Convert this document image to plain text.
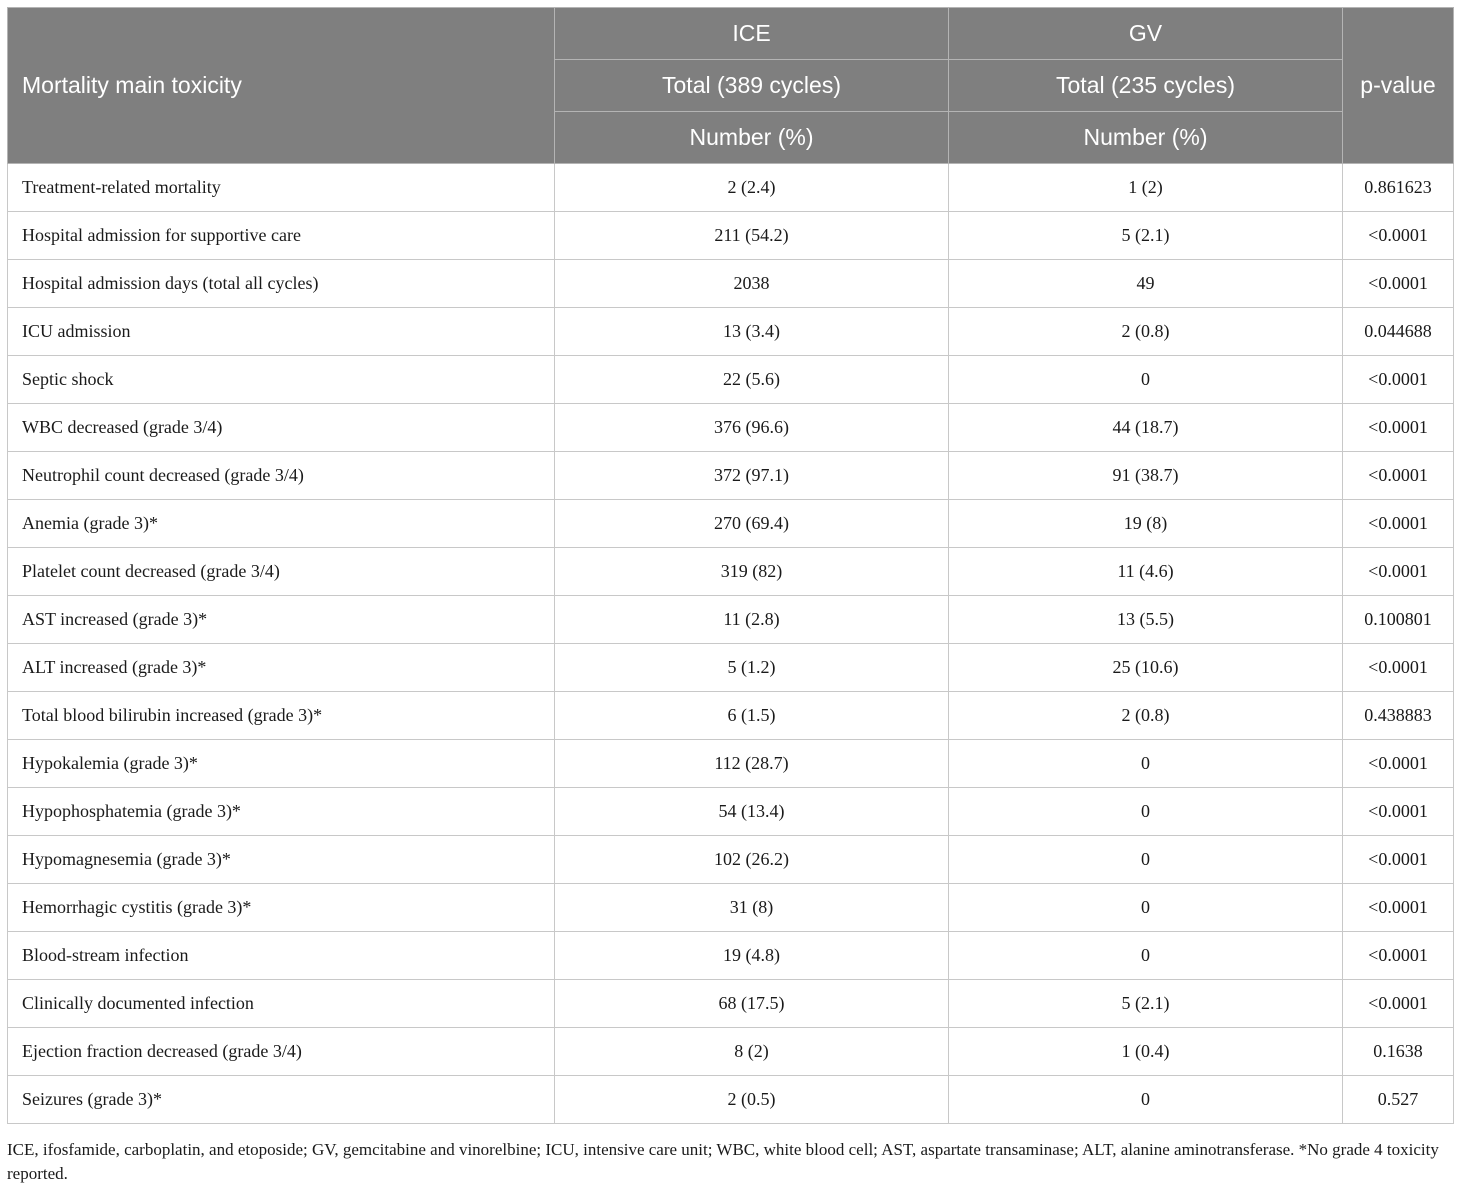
Mortality main toxicity	ICE	GV	p-value
	Total (389 cycles)	Total (235 cycles)	
	Number (%)	Number (%)	
Treatment-related mortality	2 (2.4)	1 (2)	0.861623
Hospital admission for supportive care	211 (54.2)	5 (2.1)	<0.0001
Hospital admission days (total all cycles)	2038	49	<0.0001
ICU admission	13 (3.4)	2 (0.8)	0.044688
Septic shock	22 (5.6)	0	<0.0001
WBC decreased (grade 3/4)	376 (96.6)	44 (18.7)	<0.0001
Neutrophil count decreased (grade 3/4)	372 (97.1)	91 (38.7)	<0.0001
Anemia (grade 3)*	270 (69.4)	19 (8)	<0.0001
Platelet count decreased (grade 3/4)	319 (82)	11 (4.6)	<0.0001
AST increased (grade 3)*	11 (2.8)	13 (5.5)	0.100801
ALT increased (grade 3)*	5 (1.2)	25 (10.6)	<0.0001
Total blood bilirubin increased (grade 3)*	6 (1.5)	2 (0.8)	0.438883
Hypokalemia (grade 3)*	112 (28.7)	0	<0.0001
Hypophosphatemia (grade 3)*	54 (13.4)	0	<0.0001
Hypomagnesemia (grade 3)*	102 (26.2)	0	<0.0001
Hemorrhagic cystitis (grade 3)*	31 (8)	0	<0.0001
Blood-stream infection	19 (4.8)	0	<0.0001
Clinically documented infection	68 (17.5)	5 (2.1)	<0.0001
Ejection fraction decreased (grade 3/4)	8 (2)	1 (0.4)	0.1638
Seizures (grade 3)*	2 (0.5)	0	0.527
ICE, ifosfamide, carboplatin, and etoposide; GV, gemcitabine and vinorelbine; ICU, intensive care unit; WBC, white blood cell; AST, aspartate transaminase; ALT, alanine aminotransferase. *No grade 4 toxicity reported.
